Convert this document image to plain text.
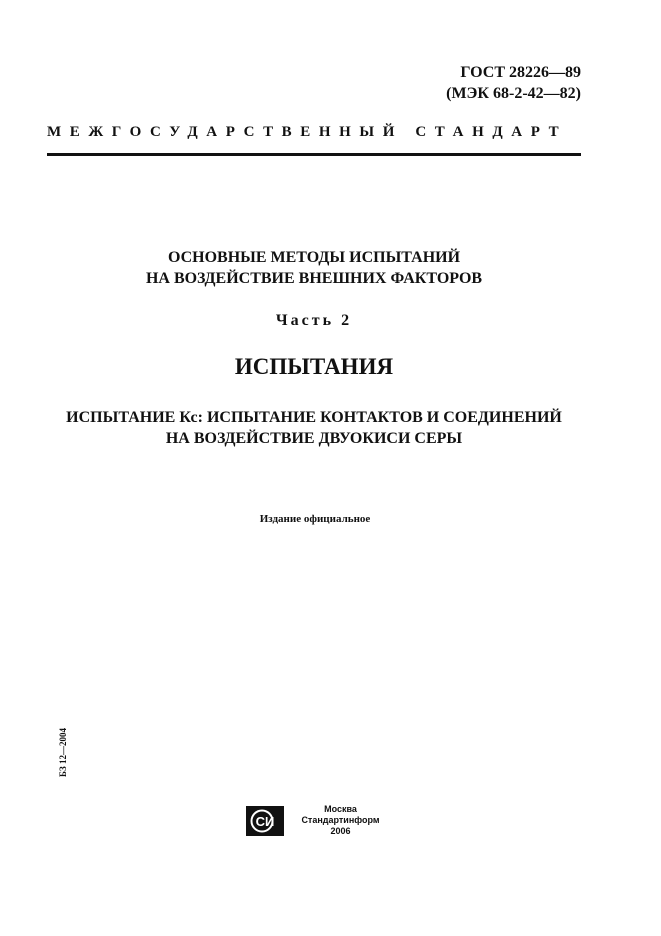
ГОСТ 28226—89
(МЭК 68-2-42—82)
МЕЖГОСУДАРСТВЕННЫЙ СТАНДАРТ
ОСНОВНЫЕ МЕТОДЫ ИСПЫТАНИЙ
НА ВОЗДЕЙСТВИЕ ВНЕШНИХ ФАКТОРОВ
Часть 2
ИСПЫТАНИЯ
ИСПЫТАНИЕ Кс: ИСПЫТАНИЕ КОНТАКТОВ И СОЕДИНЕНИЙ
НА ВОЗДЕЙСТВИЕ ДВУОКИСИ СЕРЫ
Издание официальное
БЗ 12—2004
СИ
Москва
Стандартинформ
2006
